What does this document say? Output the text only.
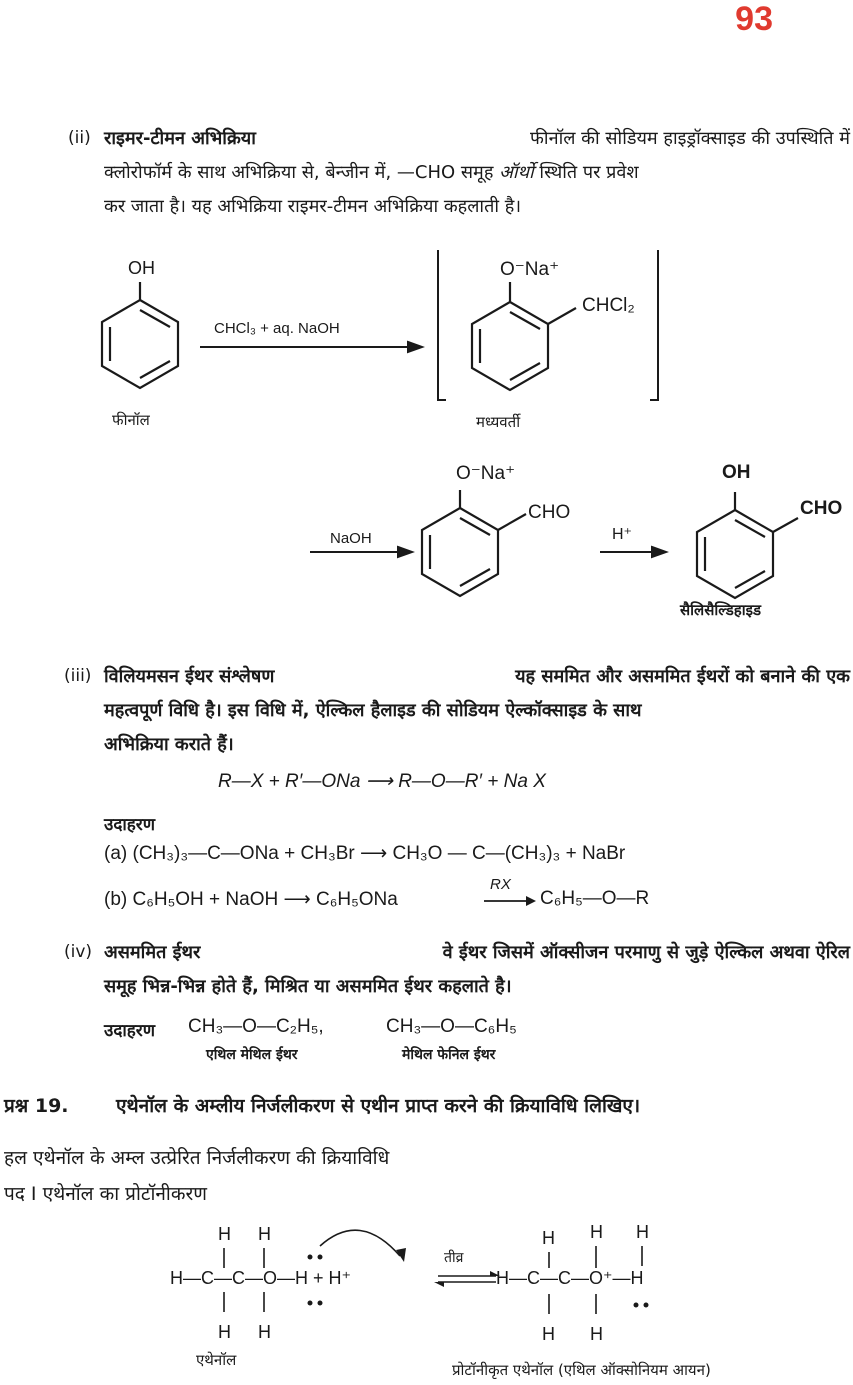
93
(ii) राइमर-टीमन अभिक्रिया	फीनॉल की सोडियम हाइड्रॉक्साइड की उपस्थिति में
क्लोरोफॉर्म के साथ अभिक्रिया से, बेन्जीन में, —CHO समूह ऑर्थो स्थिति पर प्रवेश
कर जाता है। यह अभिक्रिया राइमर-टीमन अभिक्रिया कहलाती है।
OH
फीनॉल
CHCl₃ + aq. NaOH
O⁻Na⁺
CHCl₂
मध्यवर्ती
NaOH
O⁻Na⁺
CHO
H⁺
OH
CHO
सैलिसैल्डिहाइड
(iii) विलियमसन ईथर संश्लेषण	यह सममित और असममित ईथरों को बनाने की एक
महत्वपूर्ण विधि है। इस विधि में, ऐल्किल हैलाइड की सोडियम ऐल्कॉक्साइड के साथ
अभिक्रिया कराते हैं।
R—X + R′—ONa ⟶ R—O—R′ + Na X
उदाहरण
(a) (CH₃)₃—C—ONa + CH₃Br ⟶ CH₃O — C—(CH₃)₃ + NaBr
(b) C₆H₅OH + NaOH ⟶ C₆H₅ONa
RX
C₆H₅—O—R
(iv) असममित ईथर	वे ईथर जिसमें ऑक्सीजन परमाणु से जुड़े ऐल्किल अथवा ऐरिल
समूह भिन्न-भिन्न होते हैं, मिश्रित या असममित ईथर कहलाते है।
उदाहरण CH₃—O—C₂H₅,	CH₃—O—C₆H₅
एथिल मेथिल ईथर	मेथिल फेनिल ईथर
प्रश्न 19. एथेनॉल के अम्लीय निर्जलीकरण से एथीन प्राप्त करने की क्रियाविधि लिखिए।
हल एथेनॉल के अम्ल उत्प्रेरित निर्जलीकरण की क्रियाविधि
पद I एथेनॉल का प्रोटॉनीकरण
H H
H H
H H H
H H
H—C—C—O—H + H⁺
तीव्र
H—C—C—O⁺—H
एथेनॉल
प्रोटॉनीकृत एथेनॉल (एथिल ऑक्सोनियम आयन)
